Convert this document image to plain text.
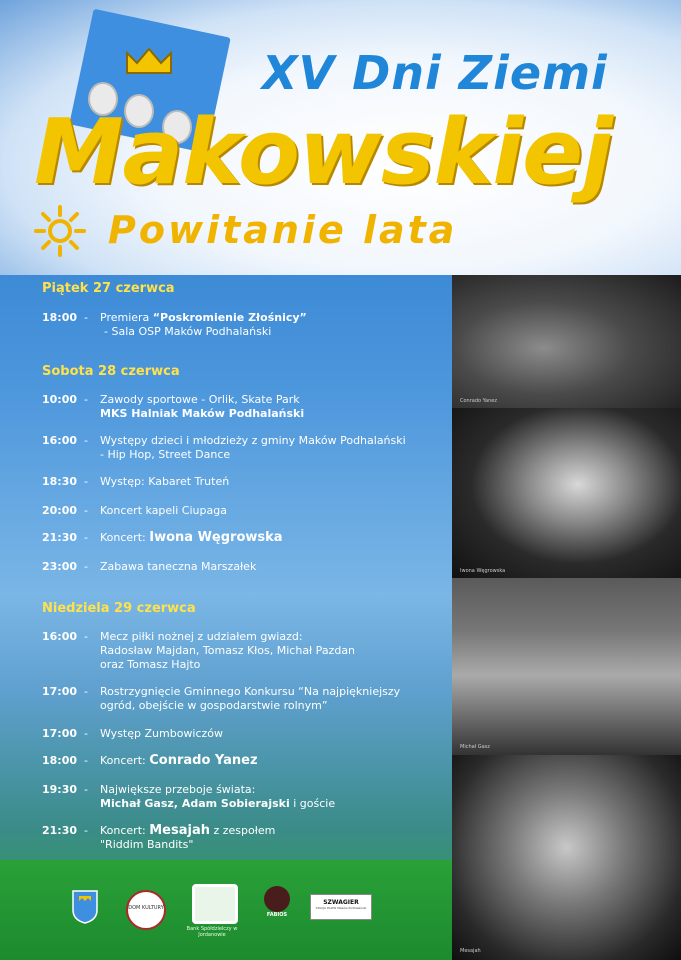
XV Dni Ziemi
Makowskiej
Powitanie lata
Piątek 27 czerwca
18:00 - Premiera “Poskromienie Złośnicy”
- Sala OSP Maków Podhalański
Sobota 28 czerwca
10:00 - Zawody sportowe - Orlik, Skate Park
MKS Halniak Maków Podhalański
16:00 - Występy dzieci i młodzieży z gminy Maków Podhalański
- Hip Hop, Street Dance
18:30 - Występ: Kabaret Truteń
20:00 - Koncert kapeli Ciupaga
21:30 - Koncert: Iwona Węgrowska
23:00 - Zabawa taneczna Marszałek
Niedziela 29 czerwca
16:00 - Mecz piłki nożnej z udziałem gwiazd:
Radosław Majdan, Tomasz Kłos, Michał Pazdan
oraz Tomasz Hajto
17:00 - Rostrzygnięcie Gminnego Konkursu “Na najpiękniejszy
ogród, obejście w gospodarstwie rolnym”
17:00 - Występ Zumbowiczów
18:00 - Koncert: Conrado Yanez
19:30 - Największe przeboje świata:
Michał Gasz, Adam Sobierajski i goście
21:30 - Koncert: Mesajah z zespołem
"Riddim Bandits"
Conrado Yanez
Iwona Węgrowska
Michał Gasz
Mesajah
DOM KULTURY
Bank Spółdzielczy w Jordanowie
FABIOS
SZWAGIER
STACJA PALIW Maków Podhalański
